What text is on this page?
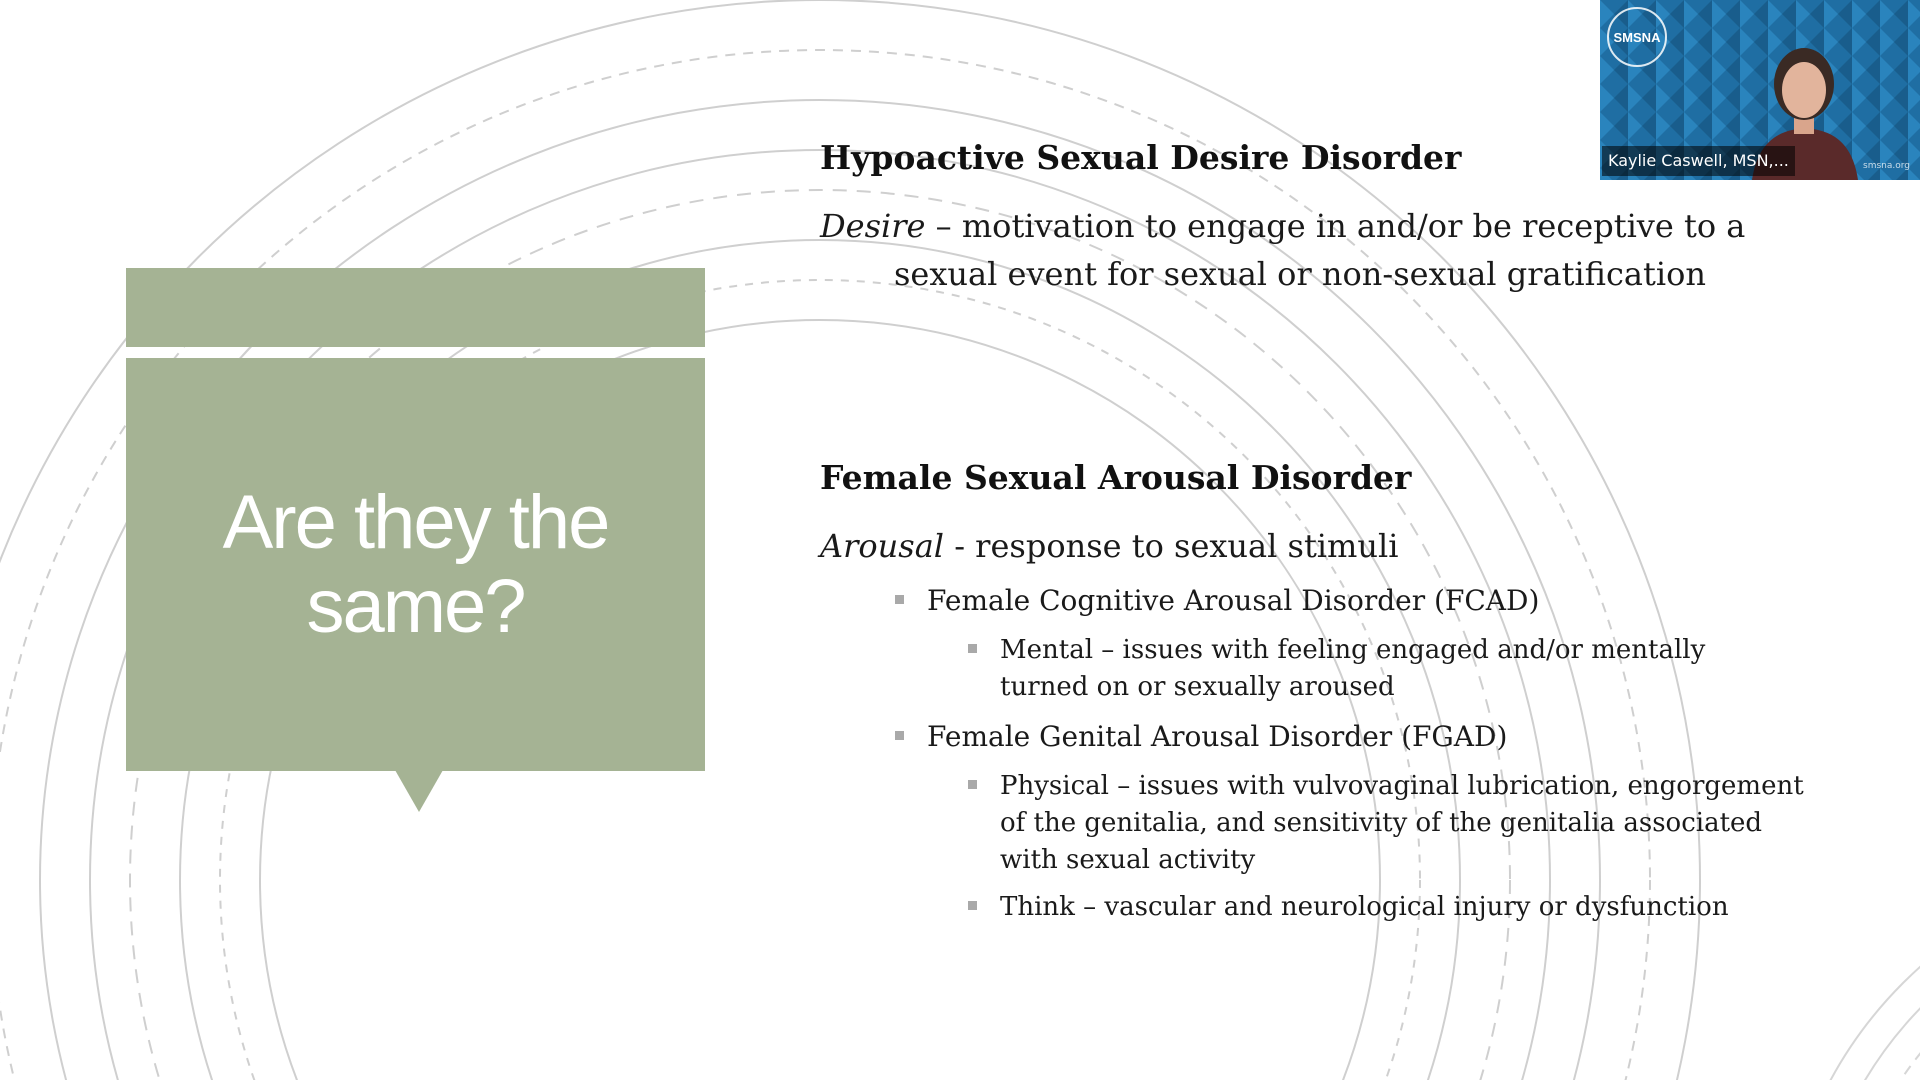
Are they the same?
Hypoactive Sexual Desire Disorder
Desire – motivation to engage in and/or be receptive to a
sexual event for sexual or non-sexual gratification
Female Sexual Arousal Disorder
Arousal - response to sexual stimuli
Female Cognitive Arousal Disorder (FCAD)
Mental – issues with feeling engaged and/or mentally
turned on or sexually aroused
Female Genital Arousal Disorder (FGAD)
Physical – issues with vulvovaginal lubrication, engorgement
of the genitalia, and sensitivity of the genitalia associated
with sexual activity
Think – vascular and neurological injury or dysfunction
SMSNA
Kaylie Caswell, MSN,...	smsna.org
